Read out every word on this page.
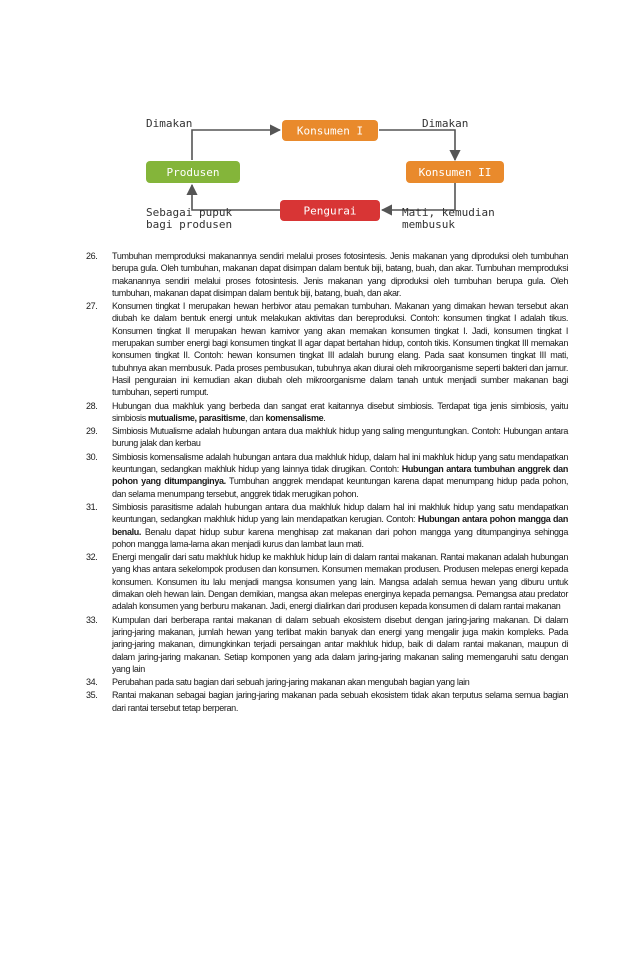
Dimakan	Dimakan
Sebagai pupuk bagi produsen
Mati, kemudian membusuk
Konsumen I
Produsen	Konsumen II
Pengurai
26.	Tumbuhan memproduksi makanannya sendiri melalui proses fotosintesis. Jenis makanan yang diproduksi oleh tumbuhan berupa gula. Oleh tumbuhan, makanan dapat disimpan dalam bentuk biji, batang, buah, dan akar. Tumbuhan memproduksi makanannya sendiri melalui proses fotosintesis. Jenis makanan yang diproduksi oleh tumbuhan berupa gula. Oleh tumbuhan, makanan dapat disimpan dalam bentuk biji, batang, buah, dan akar.
27.	Konsumen tingkat I merupakan hewan herbivor atau pemakan tumbuhan. Makanan yang dimakan hewan tersebut akan diubah ke dalam bentuk energi untuk melakukan aktivitas dan bereproduksi. Contoh: konsumen tingkat I adalah tikus. Konsumen tingkat II merupakan hewan karnivor yang akan memakan konsumen tingkat I. Jadi, konsumen tingkat I merupakan sumber energi bagi konsumen tingkat II agar dapat bertahan hidup, contoh tikis. Konsumen tingkat III memakan konsumen tingkat II. Contoh: hewan konsumen tingkat III adalah burung elang. Pada saat konsumen tingkat III mati, tubuhnya akan membusuk. Pada proses pembusukan, tubuhnya akan diurai oleh mikroorganisme seperti bakteri dan jamur. Hasil penguraian ini kemudian akan diubah oleh mikroorganisme dalam tanah untuk menjadi sumber makanan bagi tumbuhan, seperti rumput.
28.	Hubungan dua makhluk yang berbeda dan sangat erat kaitannya disebut simbiosis. Terdapat tiga jenis simbiosis, yaitu simbiosis mutualisme, parasitisme, dan komensalisme.
29.	Simbiosis Mutualisme adalah hubungan antara dua makhluk hidup yang saling menguntungkan. Contoh: Hubungan antara burung jalak dan kerbau
30.	Simbiosis komensalisme adalah hubungan antara dua makhluk hidup, dalam hal ini makhluk hidup yang satu mendapatkan keuntungan, sedangkan makhluk hidup yang lainnya tidak dirugikan. Contoh: Hubungan antara tumbuhan anggrek dan pohon yang ditumpanginya. Tumbuhan anggrek mendapat keuntungan karena dapat menumpang hidup pada pohon, dan selama menumpang tersebut, anggrek tidak merugikan pohon.
31.	Simbiosis parasitisme adalah hubungan antara dua makhluk hidup dalam hal ini makhluk hidup yang satu mendapatkan keuntungan, sedangkan makhluk hidup yang lain mendapatkan kerugian. Contoh: Hubungan antara pohon mangga dan benalu. Benalu dapat hidup subur karena menghisap zat makanan dari pohon mangga yang ditumpanginya sehingga pohon mangga lama-lama akan menjadi kurus dan lambat laun mati.
32.	Energi mengalir dari satu makhluk hidup ke makhluk hidup lain di dalam rantai makanan. Rantai makanan adalah hubungan yang khas antara sekelompok produsen dan konsumen. Konsumen memakan produsen. Produsen melepas energi kepada konsumen. Konsumen itu lalu menjadi mangsa konsumen yang lain. Mangsa adalah semua hewan yang diburu untuk dimakan oleh hewan lain. Dengan demikian, mangsa akan melepas energinya kepada pemangsa. Pemangsa atau predator adalah konsumen yang berburu makanan. Jadi, energi dialirkan dari produsen kepada konsumen di dalam rantai makanan
33.	Kumpulan dari berberapa rantai makanan di dalam sebuah ekosistem disebut dengan jaring-jaring makanan. Di dalam jaring-jaring makanan, jumlah hewan yang terlibat makin banyak dan energi yang mengalir juga makin kompleks. Pada jaring-jaring makanan, dimungkinkan terjadi persaingan antar makhluk hidup, baik di dalam rantai makanan, maupun di dalam jaring-jaring makanan. Setiap komponen yang ada dalam jaring-jaring makanan saling memengaruhi satu dengan yang lain
34.	Perubahan pada satu bagian dari sebuah jaring-jaring makanan akan mengubah bagian yang lain
35.	Rantai makanan sebagai bagian jaring-jaring makanan pada sebuah ekosistem tidak akan terputus selama semua bagian dari rantai tersebut tetap berperan.
